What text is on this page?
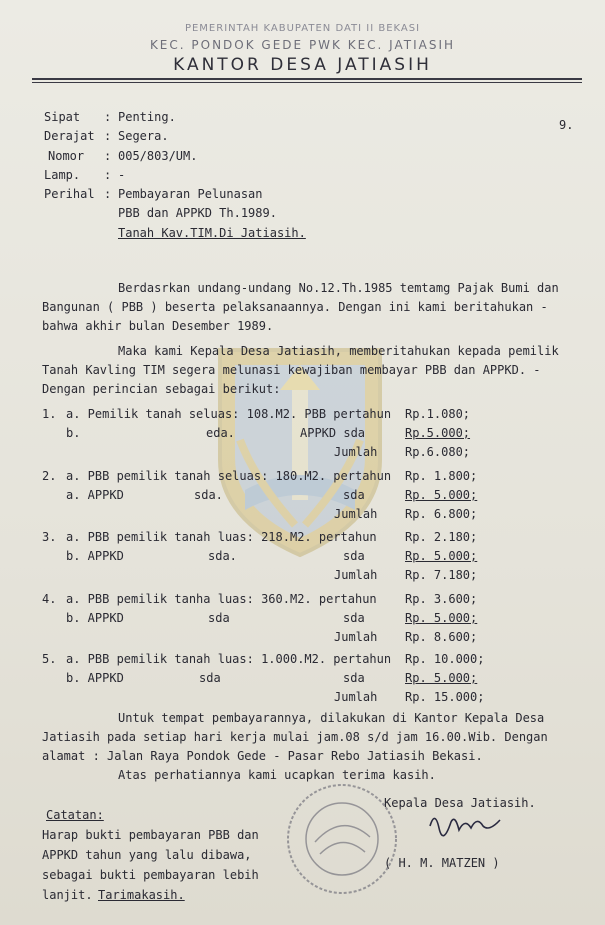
PEMERINTAH KABUPATEN DATI II BEKASI
KEC. PONDOK GEDE PWK KEC. JATIASIH
KANTOR DESA JATIASIH
Sipat : Penting.
Derajat : Segera.
Nomor : 005/803/UM.
Lamp. : -
Perihal : Pembayaran Pelunasan
PBB dan APPKD Th.1989.
Tanah Kav.TIM.Di Jatiasih.
9.
Berdasrkan undang-undang No.12.Th.1985 temtamg Pajak Bumi dan
Bangunan ( PBB ) beserta pelaksanaannya. Dengan ini kami beritahukan -
bahwa akhir bulan Desember 1989.
Maka kami Kepala Desa Jatiasih, memberitahukan kepada pemilik
Tanah Kavling TIM segera melunasi kewajiban membayar PBB dan APPKD. -
Dengan perincian sebagai berikut:
1. a. Pemilik tanah seluas: 108.M2. PBB pertahun Rp.1.080;
b.	eda.	APPKD sda	Rp.5.000;
Jumlah Rp.6.080;
2. a. PBB pemilik tanah seluas: 180.M2. pertahun Rp. 1.800;
a. APPKD	sda.	sda	Rp. 5.000;
Jumlah Rp. 6.800;
3. a. PBB pemilik tanah luas: 218.M2. pertahun Rp. 2.180;
b. APPKD	sda.	sda	Rp. 5.000;
Jumlah Rp. 7.180;
4. a. PBB pemilik tanha luas: 360.M2. pertahun Rp. 3.600;
b. APPKD	sda	sda	Rp. 5.000;
Jumlah Rp. 8.600;
5. a. PBB pemilik tanah luas: 1.000.M2. pertahun Rp. 10.000;
b. APPKD	sda	sda	Rp. 5.000;
Jumlah Rp. 15.000;
Untuk tempat pembayarannya, dilakukan di Kantor Kepala Desa
Jatiasih pada setiap hari kerja mulai jam.08 s/d jam 16.00.Wib. Dengan
alamat : Jalan Raya Pondok Gede - Pasar Rebo Jatiasih Bekasi.
Atas perhatiannya kami ucapkan terima kasih.
Catatan:
Harap bukti pembayaran PBB dan
APPKD tahun yang lalu dibawa,
sebagai bukti pembayaran lebih
lanjit. Tarimakasih.
Kepala Desa Jatiasih.
( H. M. MATZEN )
